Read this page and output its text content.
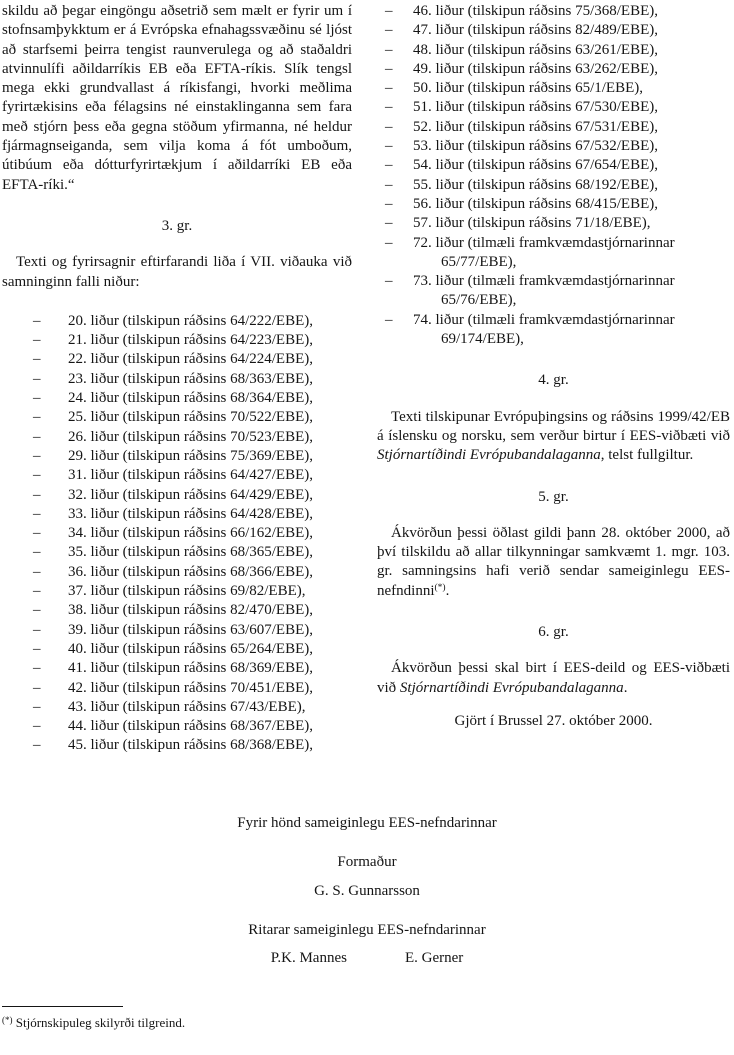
skildu að þegar eingöngu aðsetrið sem mælt er fyrir um í stofnsamþykktum er á Evrópska efnahagssvæðinu sé ljóst að starfsemi þeirra tengist raunverulega og að staðaldri atvinnulífi aðildarríkis EB eða EFTA-ríkis. Slík tengsl mega ekki grundvallast á ríkisfangi, hvorki meðlima fyrirtækisins eða félagsins né einstaklinganna sem fara með stjórn þess eða gegna stöðum yfirmanna, né heldur fjármagnseiganda, sem vilja koma á fót umboðum, útibúum eða dótturfyrirtækjum í aðildarríki EB eða EFTA-ríki.“

3. gr.

Texti og fyrirsagnir eftirfarandi liða í VII. viðauka við samninginn falli niður:

–	20. liður (tilskipun ráðsins 64/222/EBE),
–	21. liður (tilskipun ráðsins 64/223/EBE),
–	22. liður (tilskipun ráðsins 64/224/EBE),
–	23. liður (tilskipun ráðsins 68/363/EBE),
–	24. liður (tilskipun ráðsins 68/364/EBE),
–	25. liður (tilskipun ráðsins 70/522/EBE),
–	26. liður (tilskipun ráðsins 70/523/EBE),
–	29. liður (tilskipun ráðsins 75/369/EBE),
–	31. liður (tilskipun ráðsins 64/427/EBE),
–	32. liður (tilskipun ráðsins 64/429/EBE),
–	33. liður (tilskipun ráðsins 64/428/EBE),
–	34. liður (tilskipun ráðsins 66/162/EBE),
–	35. liður (tilskipun ráðsins 68/365/EBE),
–	36. liður (tilskipun ráðsins 68/366/EBE),
–	37. liður (tilskipun ráðsins 69/82/EBE),
–	38. liður (tilskipun ráðsins 82/470/EBE),
–	39. liður (tilskipun ráðsins 63/607/EBE),
–	40. liður (tilskipun ráðsins 65/264/EBE),
–	41. liður (tilskipun ráðsins 68/369/EBE),
–	42. liður (tilskipun ráðsins 70/451/EBE),
–	43. liður (tilskipun ráðsins 67/43/EBE),
–	44. liður (tilskipun ráðsins 68/367/EBE),
–	45. liður (tilskipun ráðsins 68/368/EBE),
–	46. liður (tilskipun ráðsins 75/368/EBE),
–	47. liður (tilskipun ráðsins 82/489/EBE),
–	48. liður (tilskipun ráðsins 63/261/EBE),
–	49. liður (tilskipun ráðsins 63/262/EBE),
–	50. liður (tilskipun ráðsins 65/1/EBE),
–	51. liður (tilskipun ráðsins 67/530/EBE),
–	52. liður (tilskipun ráðsins 67/531/EBE),
–	53. liður (tilskipun ráðsins 67/532/EBE),
–	54. liður (tilskipun ráðsins 67/654/EBE),
–	55. liður (tilskipun ráðsins 68/192/EBE),
–	56. liður (tilskipun ráðsins 68/415/EBE),
–	57. liður (tilskipun ráðsins 71/18/EBE),
–	72. liður (tilmæli framkvæmdastjórnarinnar 65/77/EBE),
–	73. liður (tilmæli framkvæmdastjórnarinnar 65/76/EBE),
–	74. liður (tilmæli framkvæmdastjórnarinnar 69/174/EBE),
4. gr.

Texti tilskipunar Evrópuþingsins og ráðsins 1999/42/EB á íslensku og norsku, sem verður birtur í EES-viðbæti við Stjórnartíðindi Evrópubandalaganna, telst fullgiltur.

5. gr.

Ákvörðun þessi öðlast gildi þann 28. október 2000, að því tilskildu að allar tilkynningar samkvæmt 1. mgr. 103. gr. samningsins hafi verið sendar sameiginlegu EES-nefndinni(*).

6. gr.

Ákvörðun þessi skal birt í EES-deild og EES-viðbæti við Stjórnartíðindi Evrópubandalaganna.

Gjört í Brussel 27. október 2000.
Fyrir hönd sameiginlegu EES-nefndarinnar
Formaður
G. S. Gunnarsson
Ritarar sameiginlegu EES-nefndarinnar
P.K. Mannes	E. Gerner
(*) Stjórnskipuleg skilyrði tilgreind.
